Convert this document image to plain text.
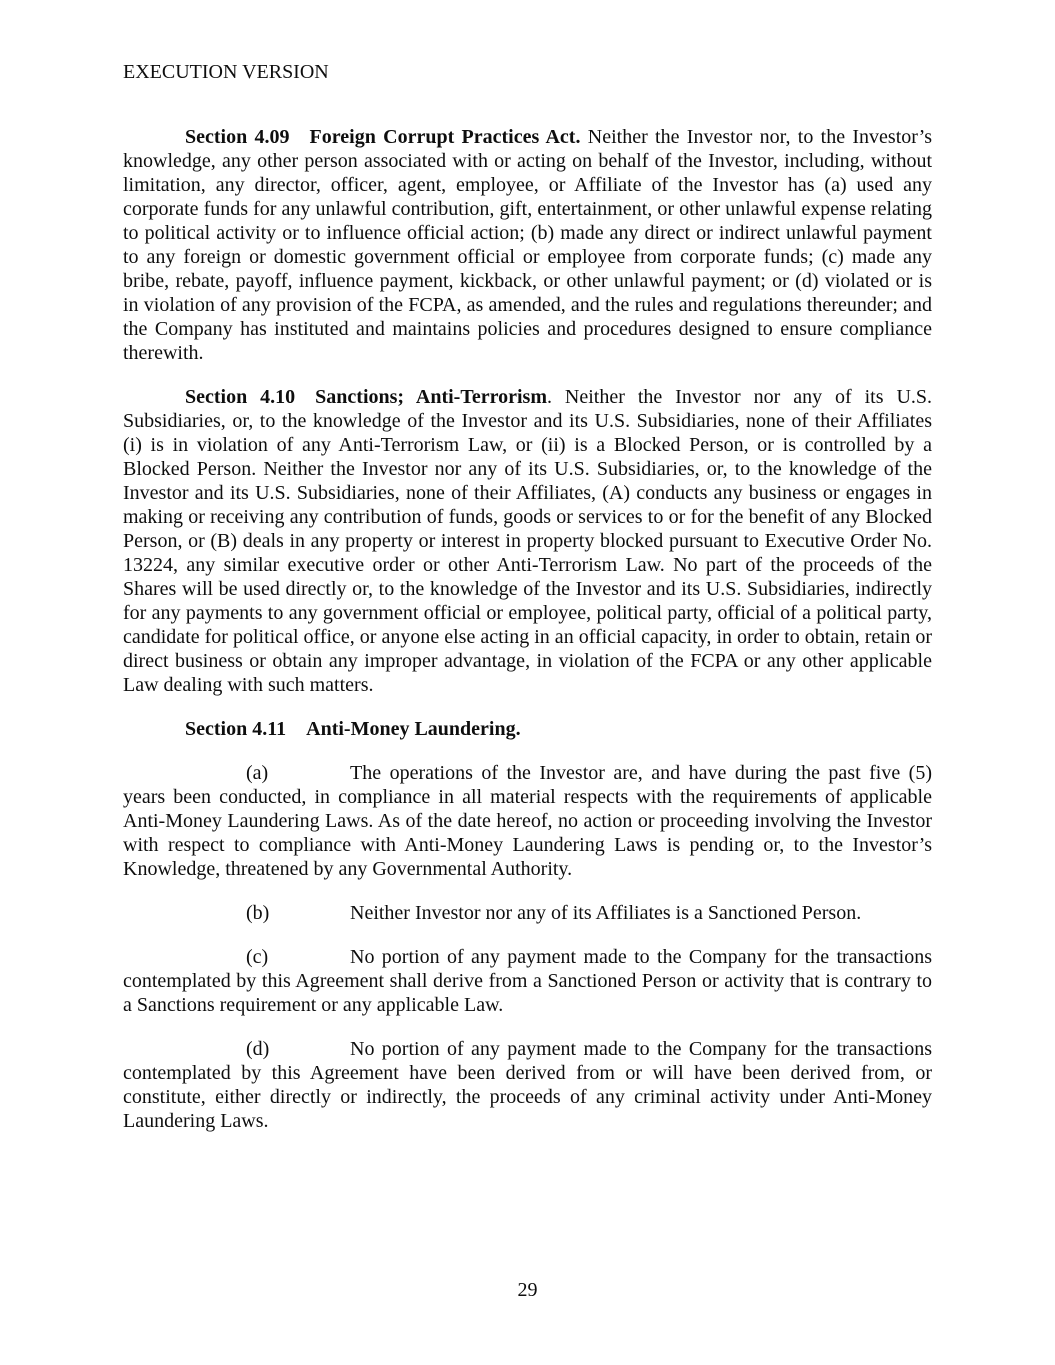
EXECUTION VERSION

Section 4.09 Foreign Corrupt Practices Act. Neither the Investor nor, to the Investor’s knowledge, any other person associated with or acting on behalf of the Investor, including, without limitation, any director, officer, agent, employee, or Affiliate of the Investor has (a) used any corporate funds for any unlawful contribution, gift, entertainment, or other unlawful expense relating to political activity or to influence official action; (b) made any direct or indirect unlawful payment to any foreign or domestic government official or employee from corporate funds; (c) made any bribe, rebate, payoff, influence payment, kickback, or other unlawful payment; or (d) violated or is in violation of any provision of the FCPA, as amended, and the rules and regulations thereunder; and the Company has instituted and maintains policies and procedures designed to ensure compliance therewith.

Section 4.10 Sanctions; Anti-Terrorism. Neither the Investor nor any of its U.S. Subsidiaries, or, to the knowledge of the Investor and its U.S. Subsidiaries, none of their Affiliates (i) is in violation of any Anti-Terrorism Law, or (ii) is a Blocked Person, or is controlled by a Blocked Person. Neither the Investor nor any of its U.S. Subsidiaries, or, to the knowledge of the Investor and its U.S. Subsidiaries, none of their Affiliates, (A) conducts any business or engages in making or receiving any contribution of funds, goods or services to or for the benefit of any Blocked Person, or (B) deals in any property or interest in property blocked pursuant to Executive Order No. 13224, any similar executive order or other Anti-Terrorism Law. No part of the proceeds of the Shares will be used directly or, to the knowledge of the Investor and its U.S. Subsidiaries, indirectly for any payments to any government official or employee, political party, official of a political party, candidate for political office, or anyone else acting in an official capacity, in order to obtain, retain or direct business or obtain any improper advantage, in violation of the FCPA or any other applicable Law dealing with such matters.

Section 4.11 Anti-Money Laundering.

(a)	The operations of the Investor are, and have during the past five (5) years been conducted, in compliance in all material respects with the requirements of applicable Anti-Money Laundering Laws. As of the date hereof, no action or proceeding involving the Investor with respect to compliance with Anti-Money Laundering Laws is pending or, to the Investor’s Knowledge, threatened by any Governmental Authority.

(b)	Neither Investor nor any of its Affiliates is a Sanctioned Person.

(c)	No portion of any payment made to the Company for the transactions contemplated by this Agreement shall derive from a Sanctioned Person or activity that is contrary to a Sanctions requirement or any applicable Law.

(d)	No portion of any payment made to the Company for the transactions contemplated by this Agreement have been derived from or will have been derived from, or constitute, either directly or indirectly, the proceeds of any criminal activity under Anti-Money Laundering Laws.

29
